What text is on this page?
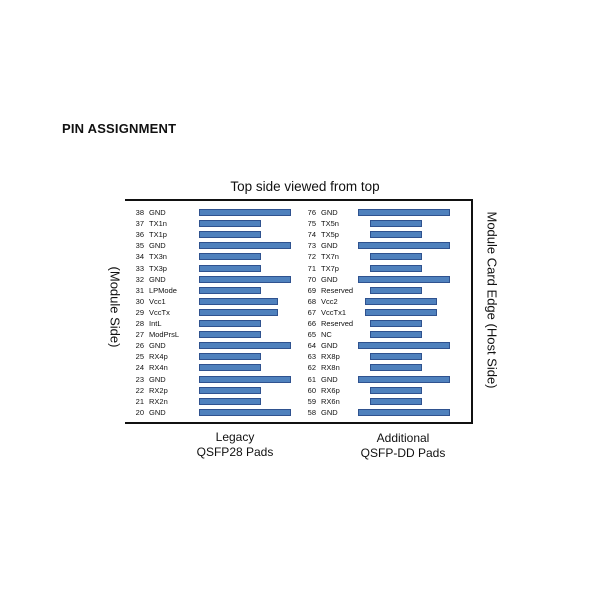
PIN ASSIGNMENT
Top side viewed from top
(Module Side)	Module Card Edge (Host Side)
38 GND
37 TX1n
36 TX1p
35 GND
34 TX3n
33 TX3p
32 GND
31 LPMode
30 Vcc1
29 VccTx
28 IntL
27 ModPrsL
26 GND
25 RX4p
24 RX4n
23 GND
22 RX2p
21 RX2n
20 GND
76 GND
75 TX5n
74 TX5p
73 GND
72 TX7n
71 TX7p
70 GND
69 Reserved
68 Vcc2
67 VccTx1
66 Reserved
65 NC
64 GND
63 RX8p
62 RX8n
61 GND
60 RX6p
59 RX6n
58 GND
Legacy
QSFP28 Pads
Additional
QSFP-DD Pads
